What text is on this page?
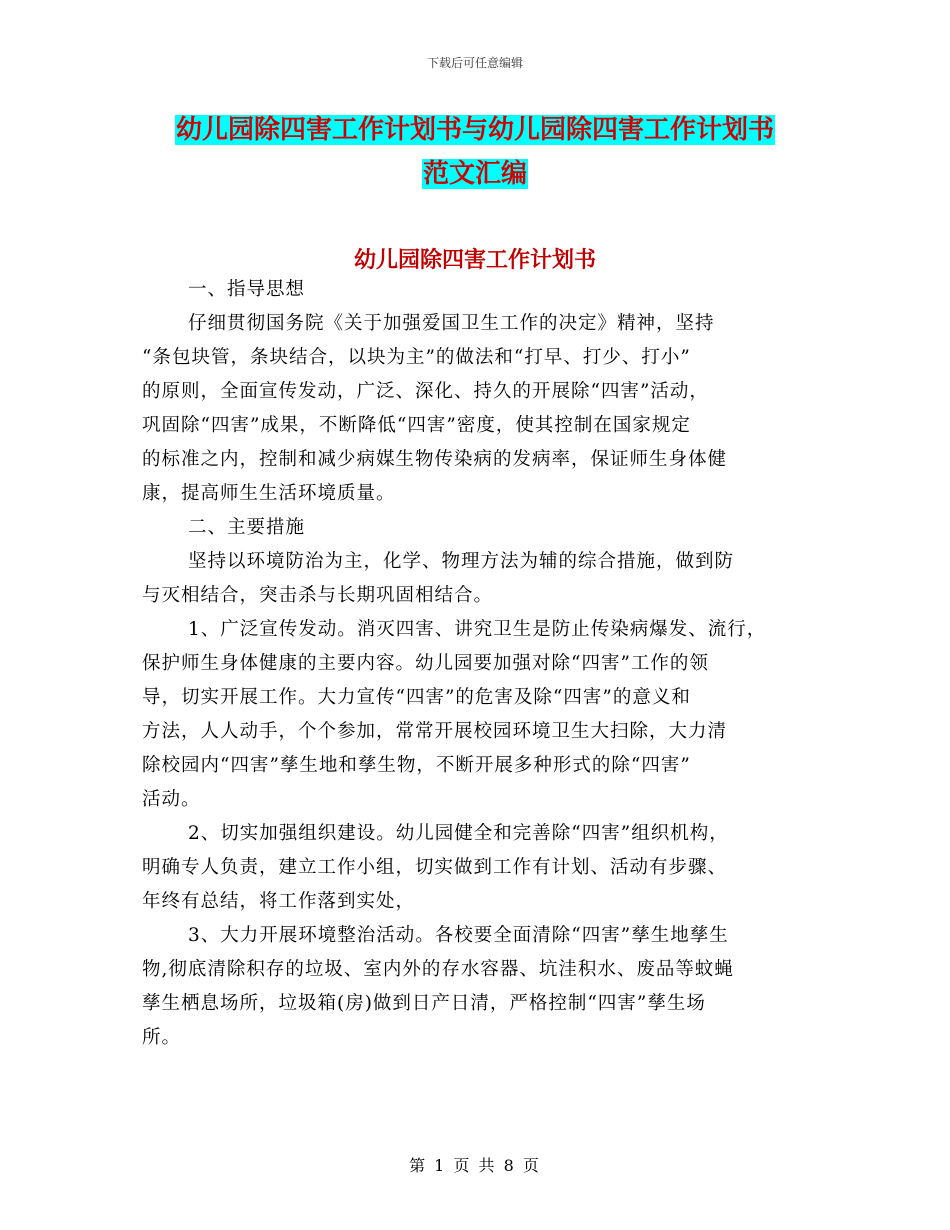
下载后可任意编辑
幼儿园除四害工作计划书与幼儿园除四害工作计划书
范文汇编
幼儿园除四害工作计划书
一、指导思想
仔细贯彻国务院《关于加强爱国卫生工作的决定》精神，坚持
“条包块管，条块结合，以块为主”的做法和“打早、打少、打小”
的原则，全面宣传发动，广泛、深化、持久的开展除“四害”活动，
巩固除“四害”成果，不断降低“四害”密度，使其控制在国家规定
的标准之内，控制和减少病媒生物传染病的发病率，保证师生身体健
康，提高师生生活环境质量。
二、主要措施
坚持以环境防治为主，化学、物理方法为辅的综合措施，做到防
与灭相结合，突击杀与长期巩固相结合。
1、广泛宣传发动。消灭四害、讲究卫生是防止传染病爆发、流行，
保护师生身体健康的主要内容。幼儿园要加强对除“四害”工作的领
导，切实开展工作。大力宣传“四害”的危害及除“四害”的意义和
方法，人人动手，个个参加，常常开展校园环境卫生大扫除，大力清
除校园内“四害”孳生地和孳生物，不断开展多种形式的除“四害”
活动。
2、切实加强组织建设。幼儿园健全和完善除“四害”组织机构，
明确专人负责，建立工作小组，切实做到工作有计划、活动有步骤、
年终有总结，将工作落到实处，
3、大力开展环境整治活动。各校要全面清除“四害”孳生地孳生
物,彻底清除积存的垃圾、室内外的存水容器、坑洼积水、废品等蚊蝇
孳生栖息场所，垃圾箱(房)做到日产日清，严格控制“四害”孳生场
所。
第 1 页 共 8 页
